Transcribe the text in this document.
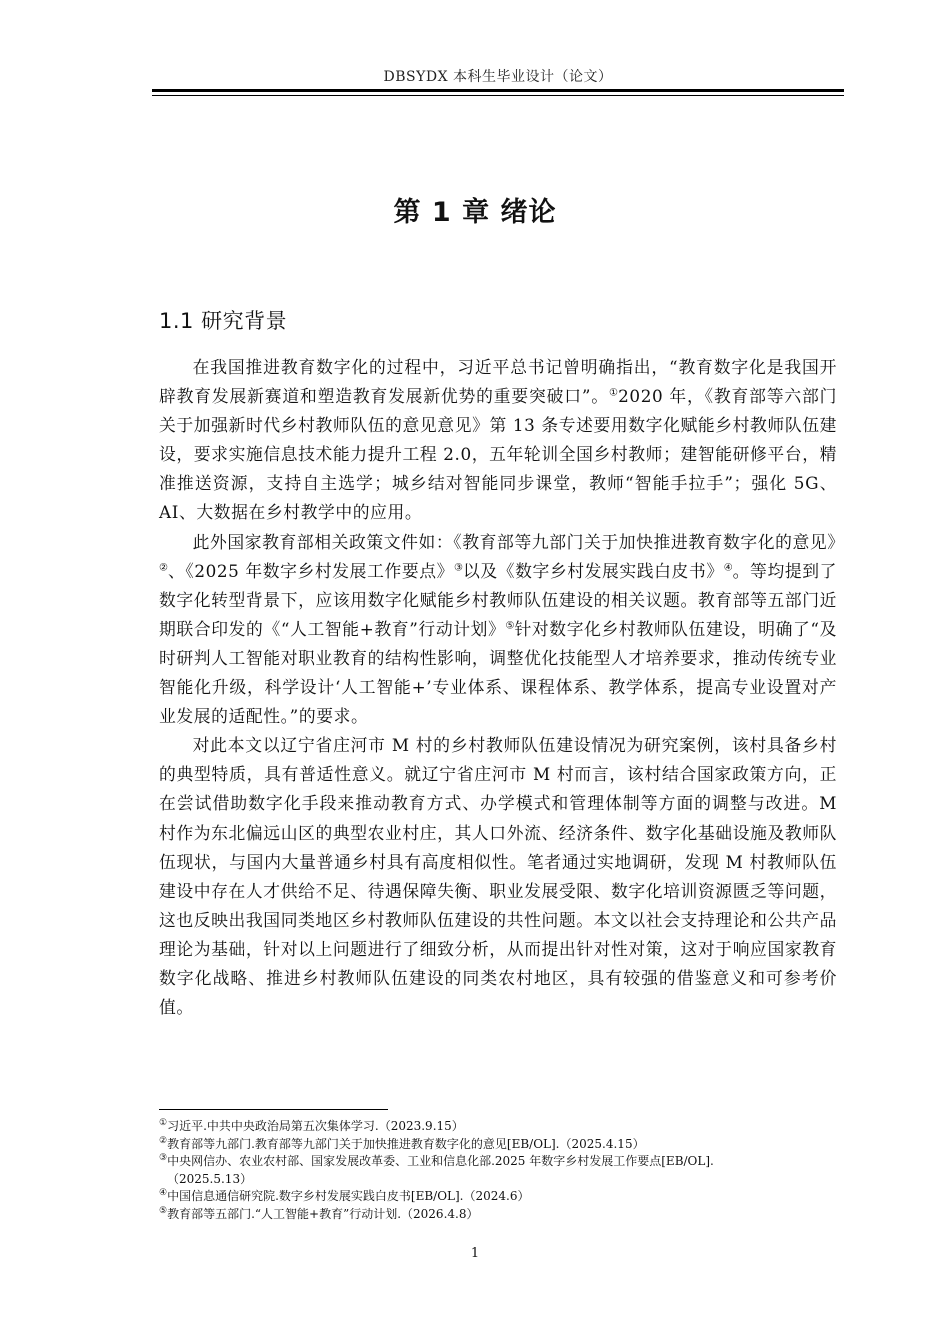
DBSYDX 本科生毕业设计（论文）
第 1 章 绪论
1.1 研究背景

在我国推进教育数字化的过程中，习近平总书记曾明确指出，“教育数字化是我国开辟教育发展新赛道和塑造教育发展新优势的重要突破口”。①2020 年，《教育部等六部门关于加强新时代乡村教师队伍的意见意见》第 13 条专述要用数字化赋能乡村教师队伍建设，要求实施信息技术能力提升工程 2.0，五年轮训全国乡村教师；建智能研修平台，精准推送资源，支持自主选学；城乡结对智能同步课堂，教师“智能手拉手”；强化 5G、AI、大数据在乡村教学中的应用。

此外国家教育部相关政策文件如：《教育部等九部门关于加快推进教育数字化的意见》②、《2025 年数字乡村发展工作要点》③以及《数字乡村发展实践白皮书》④。等均提到了数字化转型背景下，应该用数字化赋能乡村教师队伍建设的相关议题。教育部等五部门近期联合印发的《“人工智能+教育”行动计划》⑤针对数字化乡村教师队伍建设，明确了“及时研判人工智能对职业教育的结构性影响，调整优化技能型人才培养要求，推动传统专业智能化升级，科学设计‘人工智能+’专业体系、课程体系、教学体系，提高专业设置对产业发展的适配性。”的要求。

对此本文以辽宁省庄河市 M 村的乡村教师队伍建设情况为研究案例，该村具备乡村的典型特质，具有普适性意义。就辽宁省庄河市 M 村而言，该村结合国家政策方向，正在尝试借助数字化手段来推动教育方式、办学模式和管理体制等方面的调整与改进。M 村作为东北偏远山区的典型农业村庄，其人口外流、经济条件、数字化基础设施及教师队伍现状，与国内大量普通乡村具有高度相似性。笔者通过实地调研，发现 M 村教师队伍建设中存在人才供给不足、待遇保障失衡、职业发展受限、数字化培训资源匮乏等问题，这也反映出我国同类地区乡村教师队伍建设的共性问题。本文以社会支持理论和公共产品理论为基础，针对以上问题进行了细致分析，从而提出针对性对策，这对于响应国家教育数字化战略、推进乡村教师队伍建设的同类农村地区，具有较强的借鉴意义和可参考价值。

①习近平.中共中央政治局第五次集体学习.（2023.9.15）

②教育部等九部门.教育部等九部门关于加快推进教育数字化的意见[EB/OL].（2025.4.15）

③中央网信办、农业农村部、国家发展改革委、工业和信息化部.2025 年数字乡村发展工作要点[EB/OL].

（2025.5.13）

④中国信息通信研究院.数字乡村发展实践白皮书[EB/OL].（2024.6）

⑤教育部等五部门.“人工智能+教育”行动计划.（2026.4.8）

1
